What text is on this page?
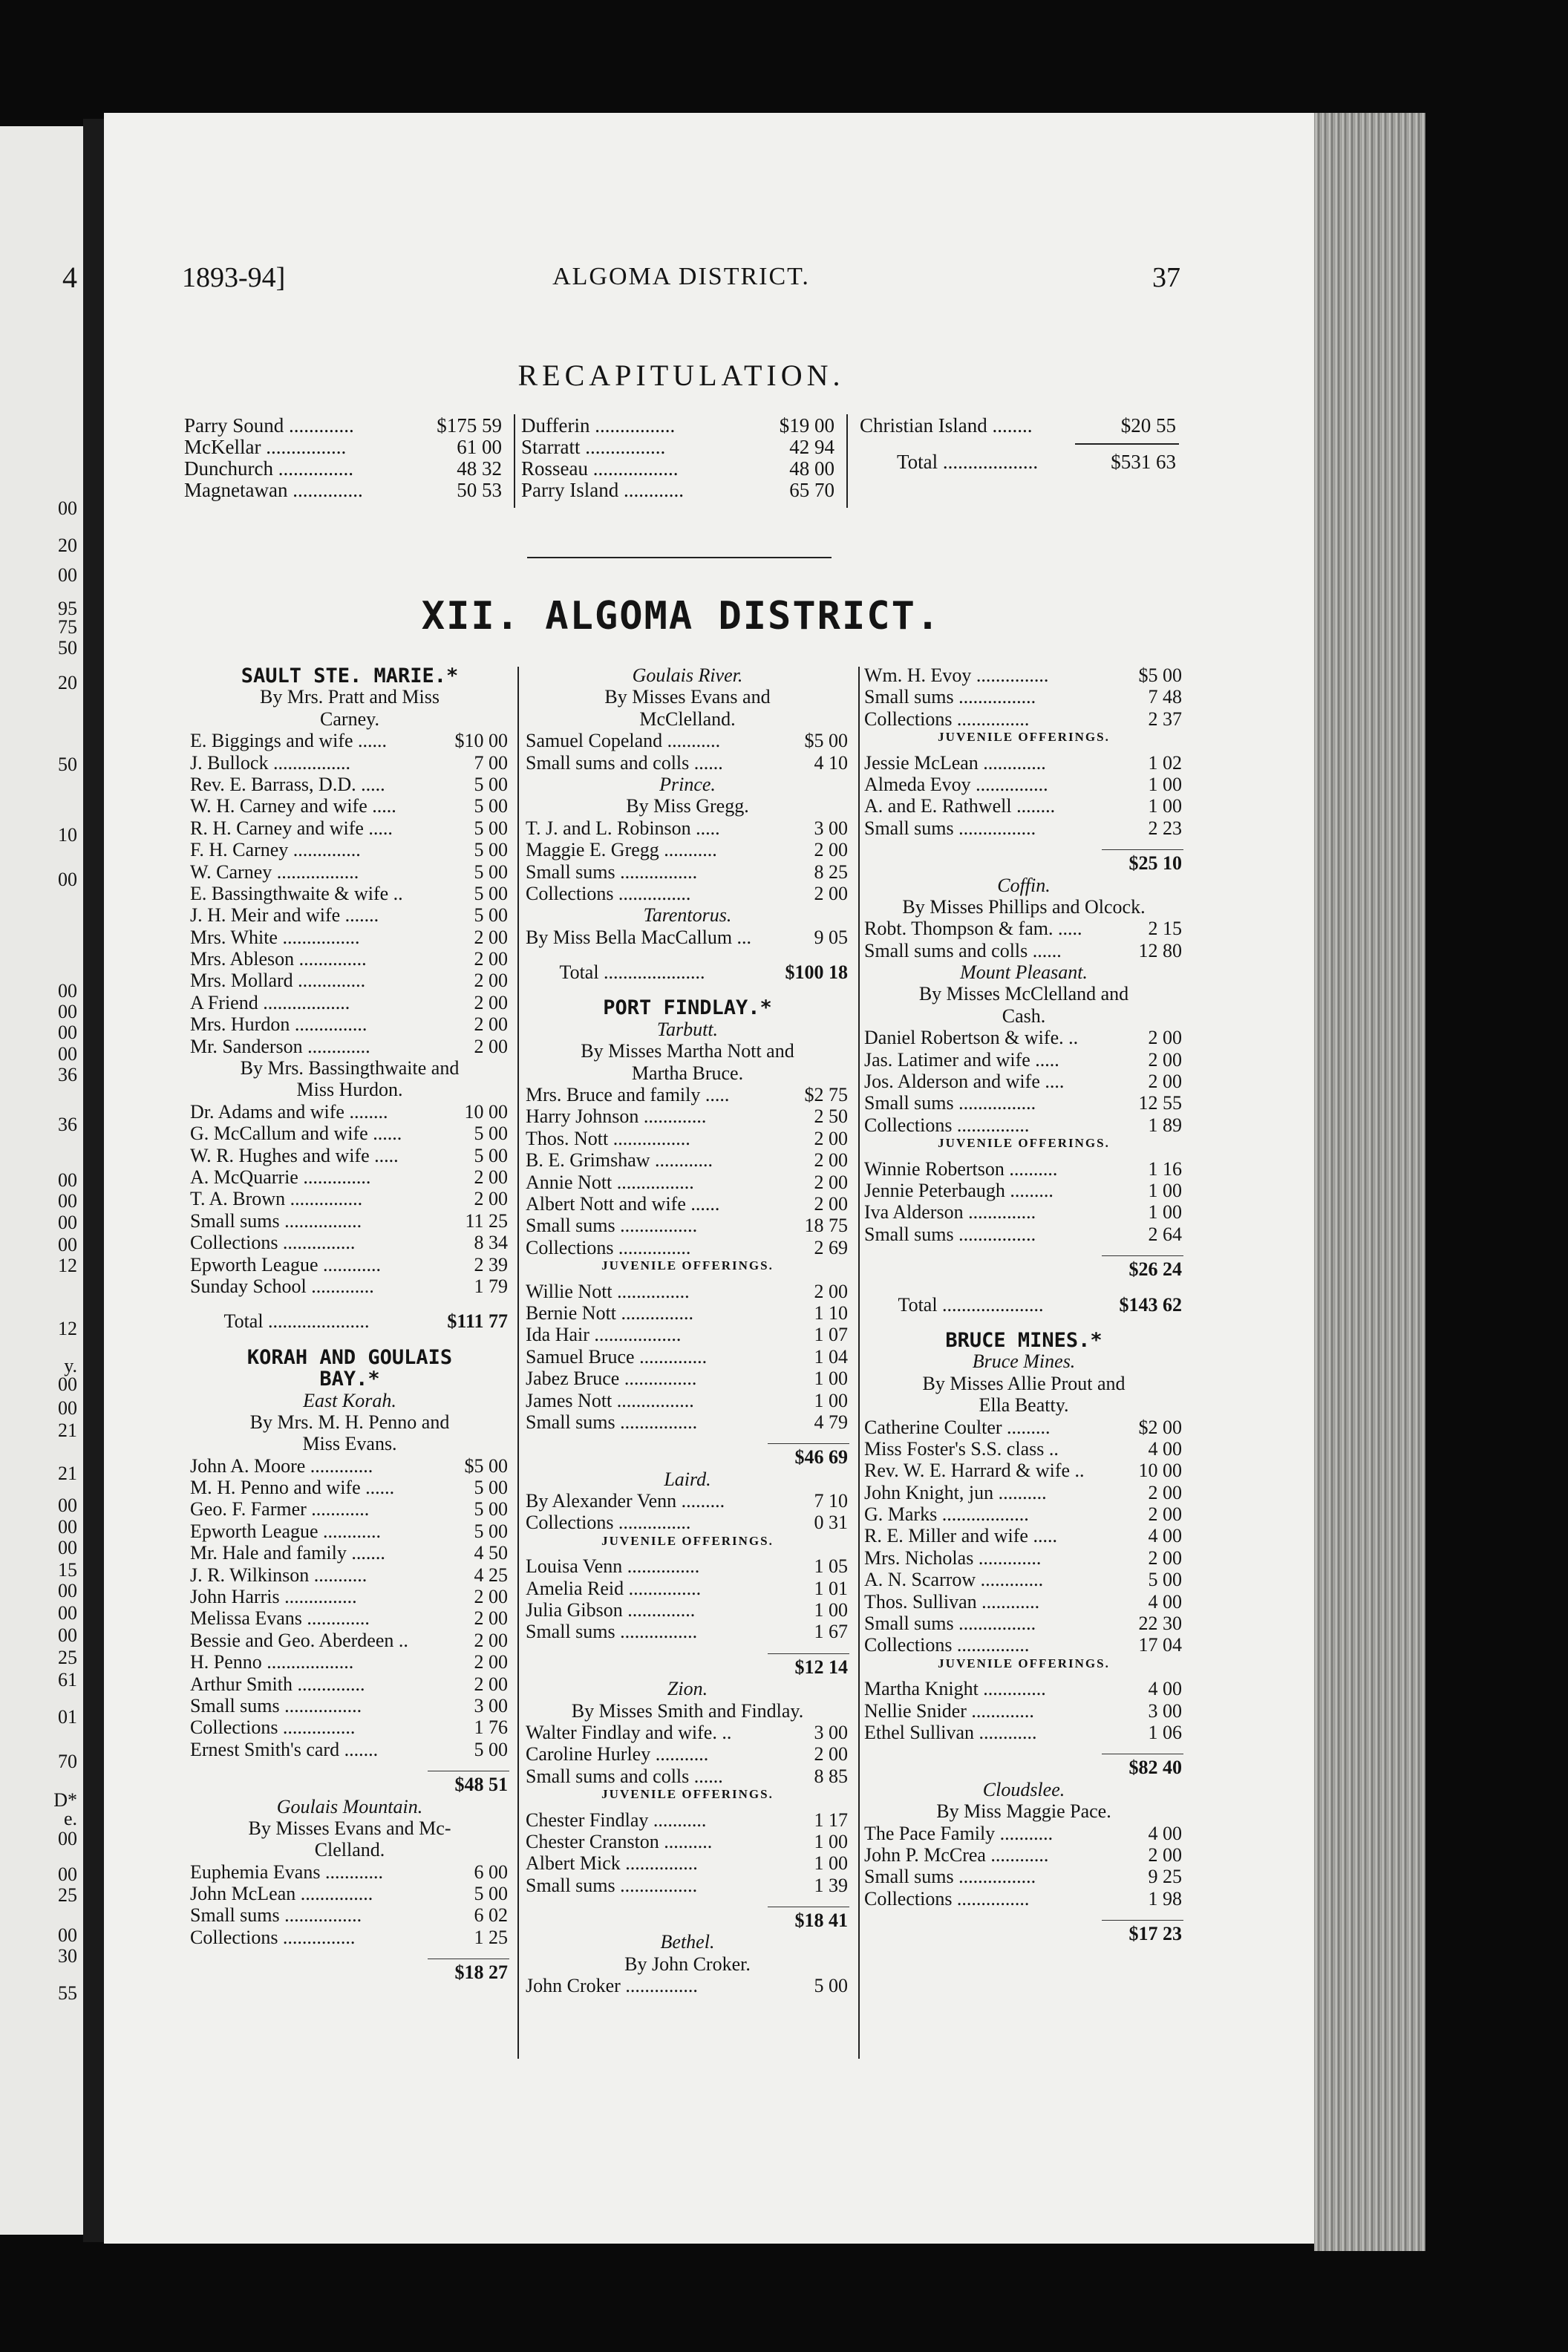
4
00
20
00
95
75
50
20
50
10
00
00
00
00
00
36
36
00
00
00
00
12
12
y.
00
00
21
21
00
00
00
15
00
00
00
25
61
01
70
D*
e.
00
00
25
00
30
55
1893-94]	ALGOMA DISTRICT.	37
RECAPITULATION.
Parry Sound .............	$175 59
McKellar ................	61 00
Dunchurch ...............	48 32
Magnetawan ..............	50 53
Dufferin ................	$19 00
Starratt ................	42 94
Rosseau .................	48 00
Parry Island ............	65 70
Christian Island ........	$20 55
Total ...................	$531 63
XII. ALGOMA DISTRICT.
SAULT STE. MARIE.*
By Mrs. Pratt and Miss
Carney.
E. Biggings and wife ......	$10 00
J. Bullock ................	7 00
Rev. E. Barrass, D.D. .....	5 00
W. H. Carney and wife .....	5 00
R. H. Carney and wife .....	5 00
F. H. Carney ..............	5 00
W. Carney .................	5 00
E. Bassingthwaite & wife ..	5 00
J. H. Meir and wife .......	5 00
Mrs. White ................	2 00
Mrs. Ableson ..............	2 00
Mrs. Mollard ..............	2 00
A Friend ..................	2 00
Mrs. Hurdon ...............	2 00
Mr. Sanderson .............	2 00
By Mrs. Bassingthwaite and
Miss Hurdon.
Dr. Adams and wife ........	10 00
G. McCallum and wife ......	5 00
W. R. Hughes and wife .....	5 00
A. McQuarrie ..............	2 00
T. A. Brown ...............	2 00
Small sums ................	11 25
Collections ...............	8 34
Epworth League ............	2 39
Sunday School .............	1 79
Total .....................	$111 77
KORAH AND GOULAIS
BAY.*
East Korah.
By Mrs. M. H. Penno and
Miss Evans.
John A. Moore .............	$5 00
M. H. Penno and wife ......	5 00
Geo. F. Farmer ............	5 00
Epworth League ............	5 00
Mr. Hale and family .......	4 50
J. R. Wilkinson ...........	4 25
John Harris ...............	2 00
Melissa Evans .............	2 00
Bessie and Geo. Aberdeen ..	2 00
H. Penno ..................	2 00
Arthur Smith ..............	2 00
Small sums ................	3 00
Collections ...............	1 76
Ernest Smith's card .......	5 00
$48 51
Goulais Mountain.
By Misses Evans and Mc-
Clelland.
Euphemia Evans ............	6 00
John McLean ...............	5 00
Small sums ................	6 02
Collections ...............	1 25
$18 27
Goulais River.
By Misses Evans and
McClelland.
Samuel Copeland ...........	$5 00
Small sums and colls ......	4 10
Prince.
By Miss Gregg.
T. J. and L. Robinson .....	3 00
Maggie E. Gregg ...........	2 00
Small sums ................	8 25
Collections ...............	2 00
Tarentorus.
By Miss Bella MacCallum ...	9 05
Total .....................	$100 18
PORT FINDLAY.*
Tarbutt.
By Misses Martha Nott and
Martha Bruce.
Mrs. Bruce and family .....	$2 75
Harry Johnson .............	2 50
Thos. Nott ................	2 00
B. E. Grimshaw ............	2 00
Annie Nott ................	2 00
Albert Nott and wife ......	2 00
Small sums ................	18 75
Collections ...............	2 69
JUVENILE OFFERINGS.
Willie Nott ...............	2 00
Bernie Nott ...............	1 10
Ida Hair ..................	1 07
Samuel Bruce ..............	1 04
Jabez Bruce ...............	1 00
James Nott ................	1 00
Small sums ................	4 79
$46 69
Laird.
By Alexander Venn .........	7 10
Collections ...............	0 31
JUVENILE OFFERINGS.
Louisa Venn ...............	1 05
Amelia Reid ...............	1 01
Julia Gibson ..............	1 00
Small sums ................	1 67
$12 14
Zion.
By Misses Smith and Findlay.
Walter Findlay and wife. ..	3 00
Caroline Hurley ...........	2 00
Small sums and colls ......	8 85
JUVENILE OFFERINGS.
Chester Findlay ...........	1 17
Chester Cranston ..........	1 00
Albert Mick ...............	1 00
Small sums ................	1 39
$18 41
Bethel.
By John Croker.
John Croker ...............	5 00
Wm. H. Evoy ...............	$5 00
Small sums ................	7 48
Collections ...............	2 37
JUVENILE OFFERINGS.
Jessie McLean .............	1 02
Almeda Evoy ...............	1 00
A. and E. Rathwell ........	1 00
Small sums ................	2 23
$25 10
Coffin.
By Misses Phillips and Olcock.
Robt. Thompson & fam. .....	2 15
Small sums and colls ......	12 80
Mount Pleasant.
By Misses McClelland and
Cash.
Daniel Robertson & wife. ..	2 00
Jas. Latimer and wife .....	2 00
Jos. Alderson and wife ....	2 00
Small sums ................	12 55
Collections ...............	1 89
JUVENILE OFFERINGS.
Winnie Robertson ..........	1 16
Jennie Peterbaugh .........	1 00
Iva Alderson ..............	1 00
Small sums ................	2 64
$26 24
Total .....................	$143 62
BRUCE MINES.*
Bruce Mines.
By Misses Allie Prout and
Ella Beatty.
Catherine Coulter .........	$2 00
Miss Foster's S.S. class ..	4 00
Rev. W. E. Harrard & wife ..	10 00
John Knight, jun ..........	2 00
G. Marks ..................	2 00
R. E. Miller and wife .....	4 00
Mrs. Nicholas .............	2 00
A. N. Scarrow .............	5 00
Thos. Sullivan ............	4 00
Small sums ................	22 30
Collections ...............	17 04
JUVENILE OFFERINGS.
Martha Knight .............	4 00
Nellie Snider .............	3 00
Ethel Sullivan ............	1 06
$82 40
Cloudslee.
By Miss Maggie Pace.
The Pace Family ...........	4 00
John P. McCrea ............	2 00
Small sums ................	9 25
Collections ...............	1 98
$17 23
